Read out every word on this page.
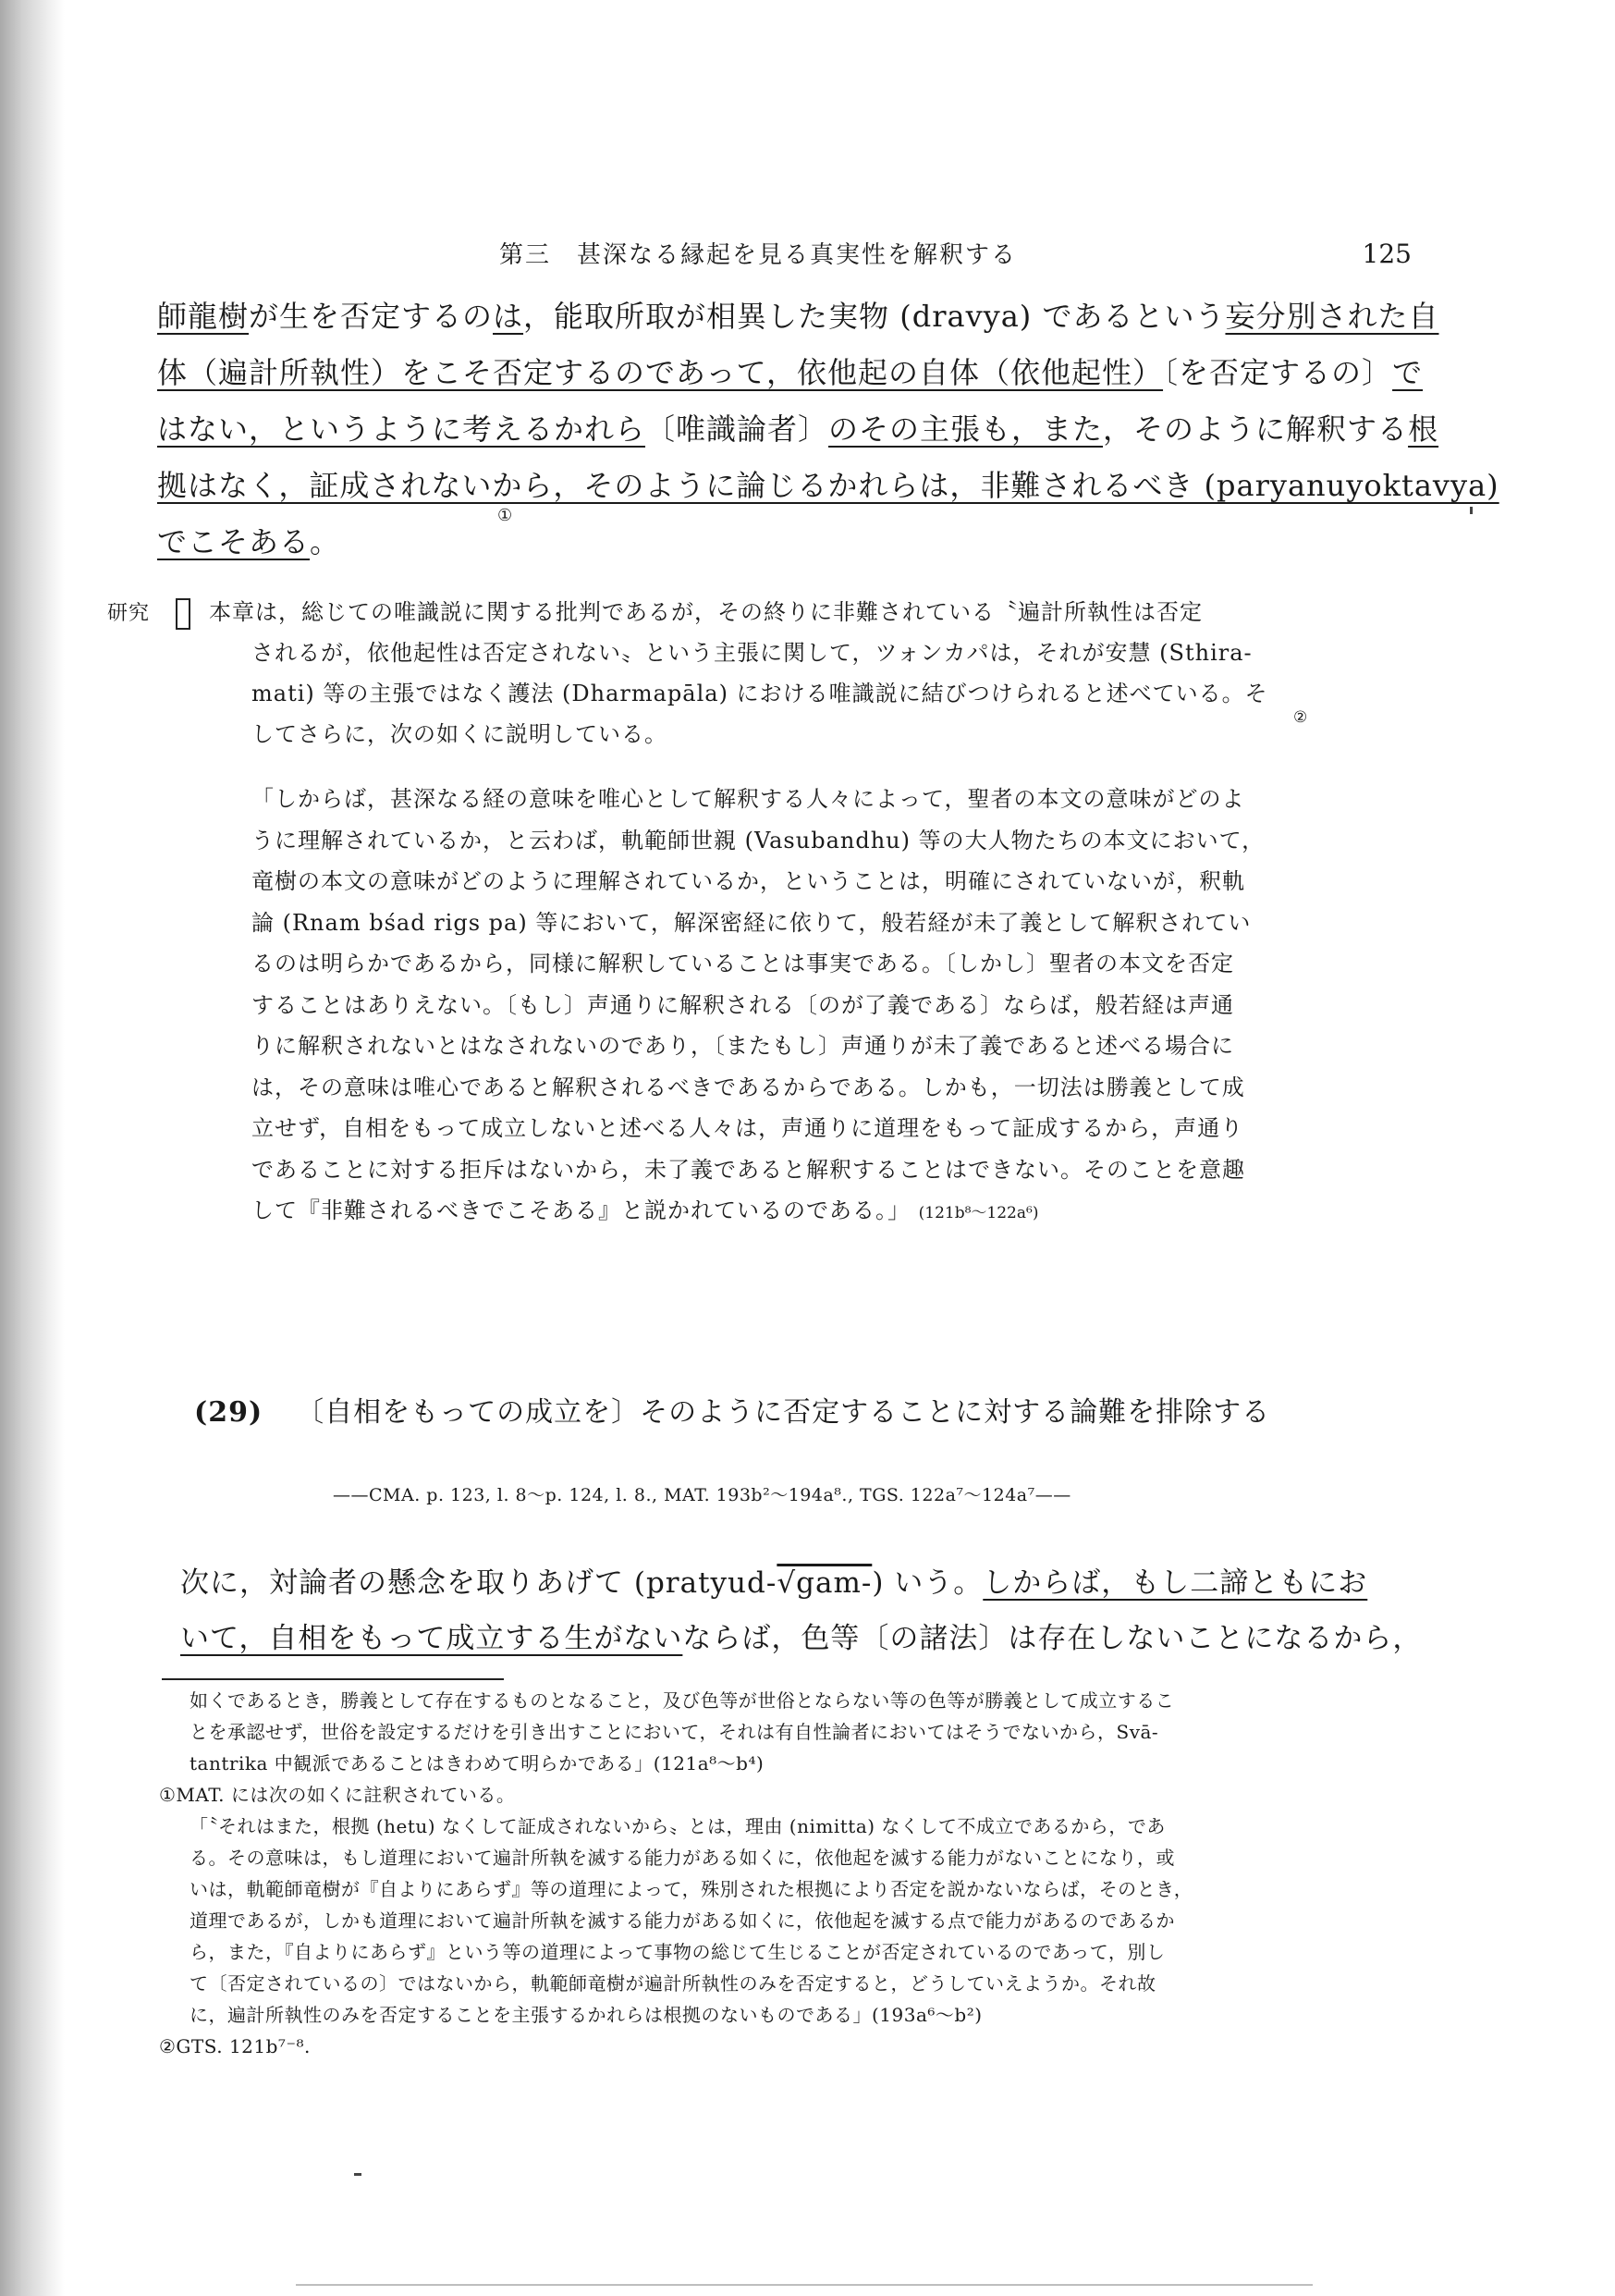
第三　甚深なる縁起を見る真実性を解釈する	125
師龍樹が生を否定するのは，能取所取が相異した実物 (dravya) であるという妄分別された自
体（遍計所執性）をこそ否定するのであって，依他起の自体（依他起性）〔を否定するの〕で
はない，というように考えるかれら〔唯識論者〕のその主張も，また，そのように解釈する根
拠はなく，証成されないから，そのように論じるかれらは，非難されるべき (paryanuyoktavya)
でこそある。
①
研究	本章は，総じての唯識説に関する批判であるが，その終りに非難されている〝遍計所執性は否定
されるが，依他起性は否定されない〟という主張に関して，ツォンカパは，それが安慧 (Sthira-
mati) 等の主張ではなく護法 (Dharmapāla) における唯識説に結びつけられると述べている。そ
してさらに，次の如くに説明している。
②
「しからば，甚深なる経の意味を唯心として解釈する人々によって，聖者の本文の意味がどのよ
うに理解されているか，と云わば，軌範師世親 (Vasubandhu) 等の大人物たちの本文において，
竜樹の本文の意味がどのように理解されているか，ということは，明確にされていないが，釈軌
論 (Rnam bśad rigs pa) 等において，解深密経に依りて，般若経が未了義として解釈されてい
るのは明らかであるから，同様に解釈していることは事実である。〔しかし〕聖者の本文を否定
することはありえない。〔もし〕声通りに解釈される〔のが了義である〕ならば，般若経は声通
りに解釈されないとはなされないのであり，〔またもし〕声通りが未了義であると述べる場合に
は，その意味は唯心であると解釈されるべきであるからである。しかも，一切法は勝義として成
立せず，自相をもって成立しないと述べる人々は，声通りに道理をもって証成するから，声通り
であることに対する拒斥はないから，未了義であると解釈することはできない。そのことを意趣
して『非難されるべきでこそある』と説かれているのである。」 (121b⁸～122a⁶)
(29) 〔自相をもっての成立を〕そのように否定することに対する論難を排除する
——CMA. p. 123, l. 8～p. 124, l. 8., MAT. 193b²～194a⁸., TGS. 122a⁷～124a⁷——
次に，対論者の懸念を取りあげて (pratyud-√gam-) いう。しからば，もし二諦ともにお
いて，自相をもって成立する生がないならば，色等〔の諸法〕は存在しないことになるから，
如くであるとき，勝義として存在するものとなること，及び色等が世俗とならない等の色等が勝義として成立するこ
とを承認せず，世俗を設定するだけを引き出すことにおいて，それは有自性論者においてはそうでないから，Svā-
tantrika 中観派であることはきわめて明らかである」(121a⁸～b⁴)
①MAT. には次の如くに註釈されている。
「〝それはまた，根拠 (hetu) なくして証成されないから〟とは，理由 (nimitta) なくして不成立であるから，であ
る。その意味は，もし道理において遍計所執を滅する能力がある如くに，依他起を滅する能力がないことになり，或
いは，軌範師竜樹が『自よりにあらず』等の道理によって，殊別された根拠により否定を説かないならば，そのとき，
道理であるが，しかも道理において遍計所執を滅する能力がある如くに，依他起を滅する点で能力があるのであるか
ら，また，『自よりにあらず』という等の道理によって事物の総じて生じることが否定されているのであって，別し
て〔否定されているの〕ではないから，軌範師竜樹が遍計所執性のみを否定すると，どうしていえようか。それ故
に，遍計所執性のみを否定することを主張するかれらは根拠のないものである」(193a⁶～b²)
②GTS. 121b⁷⁻⁸.
